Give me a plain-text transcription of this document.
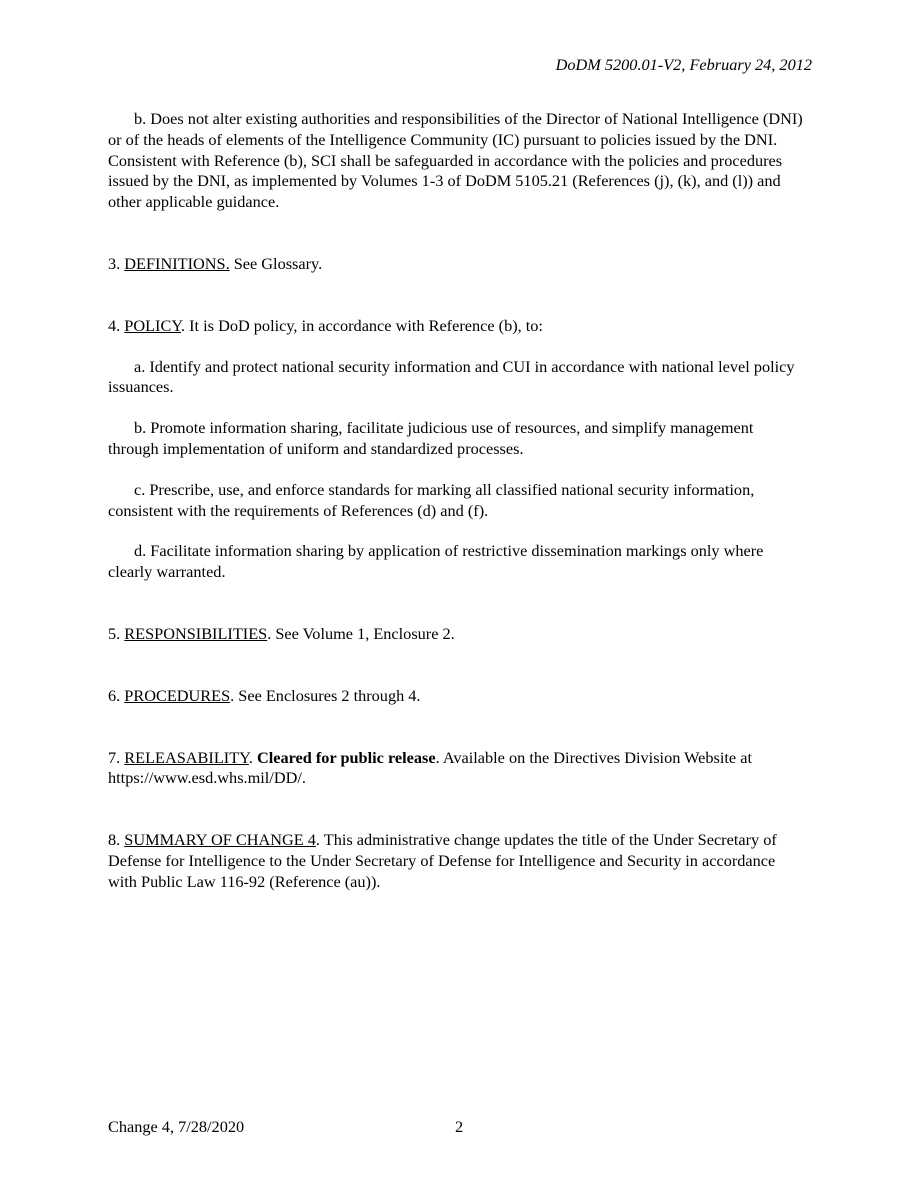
DoDM 5200.01-V2, February 24, 2012

b. Does not alter existing authorities and responsibilities of the Director of National Intelligence (DNI) or of the heads of elements of the Intelligence Community (IC) pursuant to policies issued by the DNI. Consistent with Reference (b), SCI shall be safeguarded in accordance with the policies and procedures issued by the DNI, as implemented by Volumes 1-3 of DoDM 5105.21 (References (j), (k), and (l)) and other applicable guidance.

3. DEFINITIONS. See Glossary.

4. POLICY. It is DoD policy, in accordance with Reference (b), to:

a. Identify and protect national security information and CUI in accordance with national level policy issuances.

b. Promote information sharing, facilitate judicious use of resources, and simplify management through implementation of uniform and standardized processes.

c. Prescribe, use, and enforce standards for marking all classified national security information, consistent with the requirements of References (d) and (f).

d. Facilitate information sharing by application of restrictive dissemination markings only where clearly warranted.

5. RESPONSIBILITIES. See Volume 1, Enclosure 2.

6. PROCEDURES. See Enclosures 2 through 4.

7. RELEASABILITY. Cleared for public release. Available on the Directives Division Website at https://www.esd.whs.mil/DD/.

8. SUMMARY OF CHANGE 4. This administrative change updates the title of the Under Secretary of Defense for Intelligence to the Under Secretary of Defense for Intelligence and Security in accordance with Public Law 116-92 (Reference (au)).

Change 4, 7/28/2020	2
